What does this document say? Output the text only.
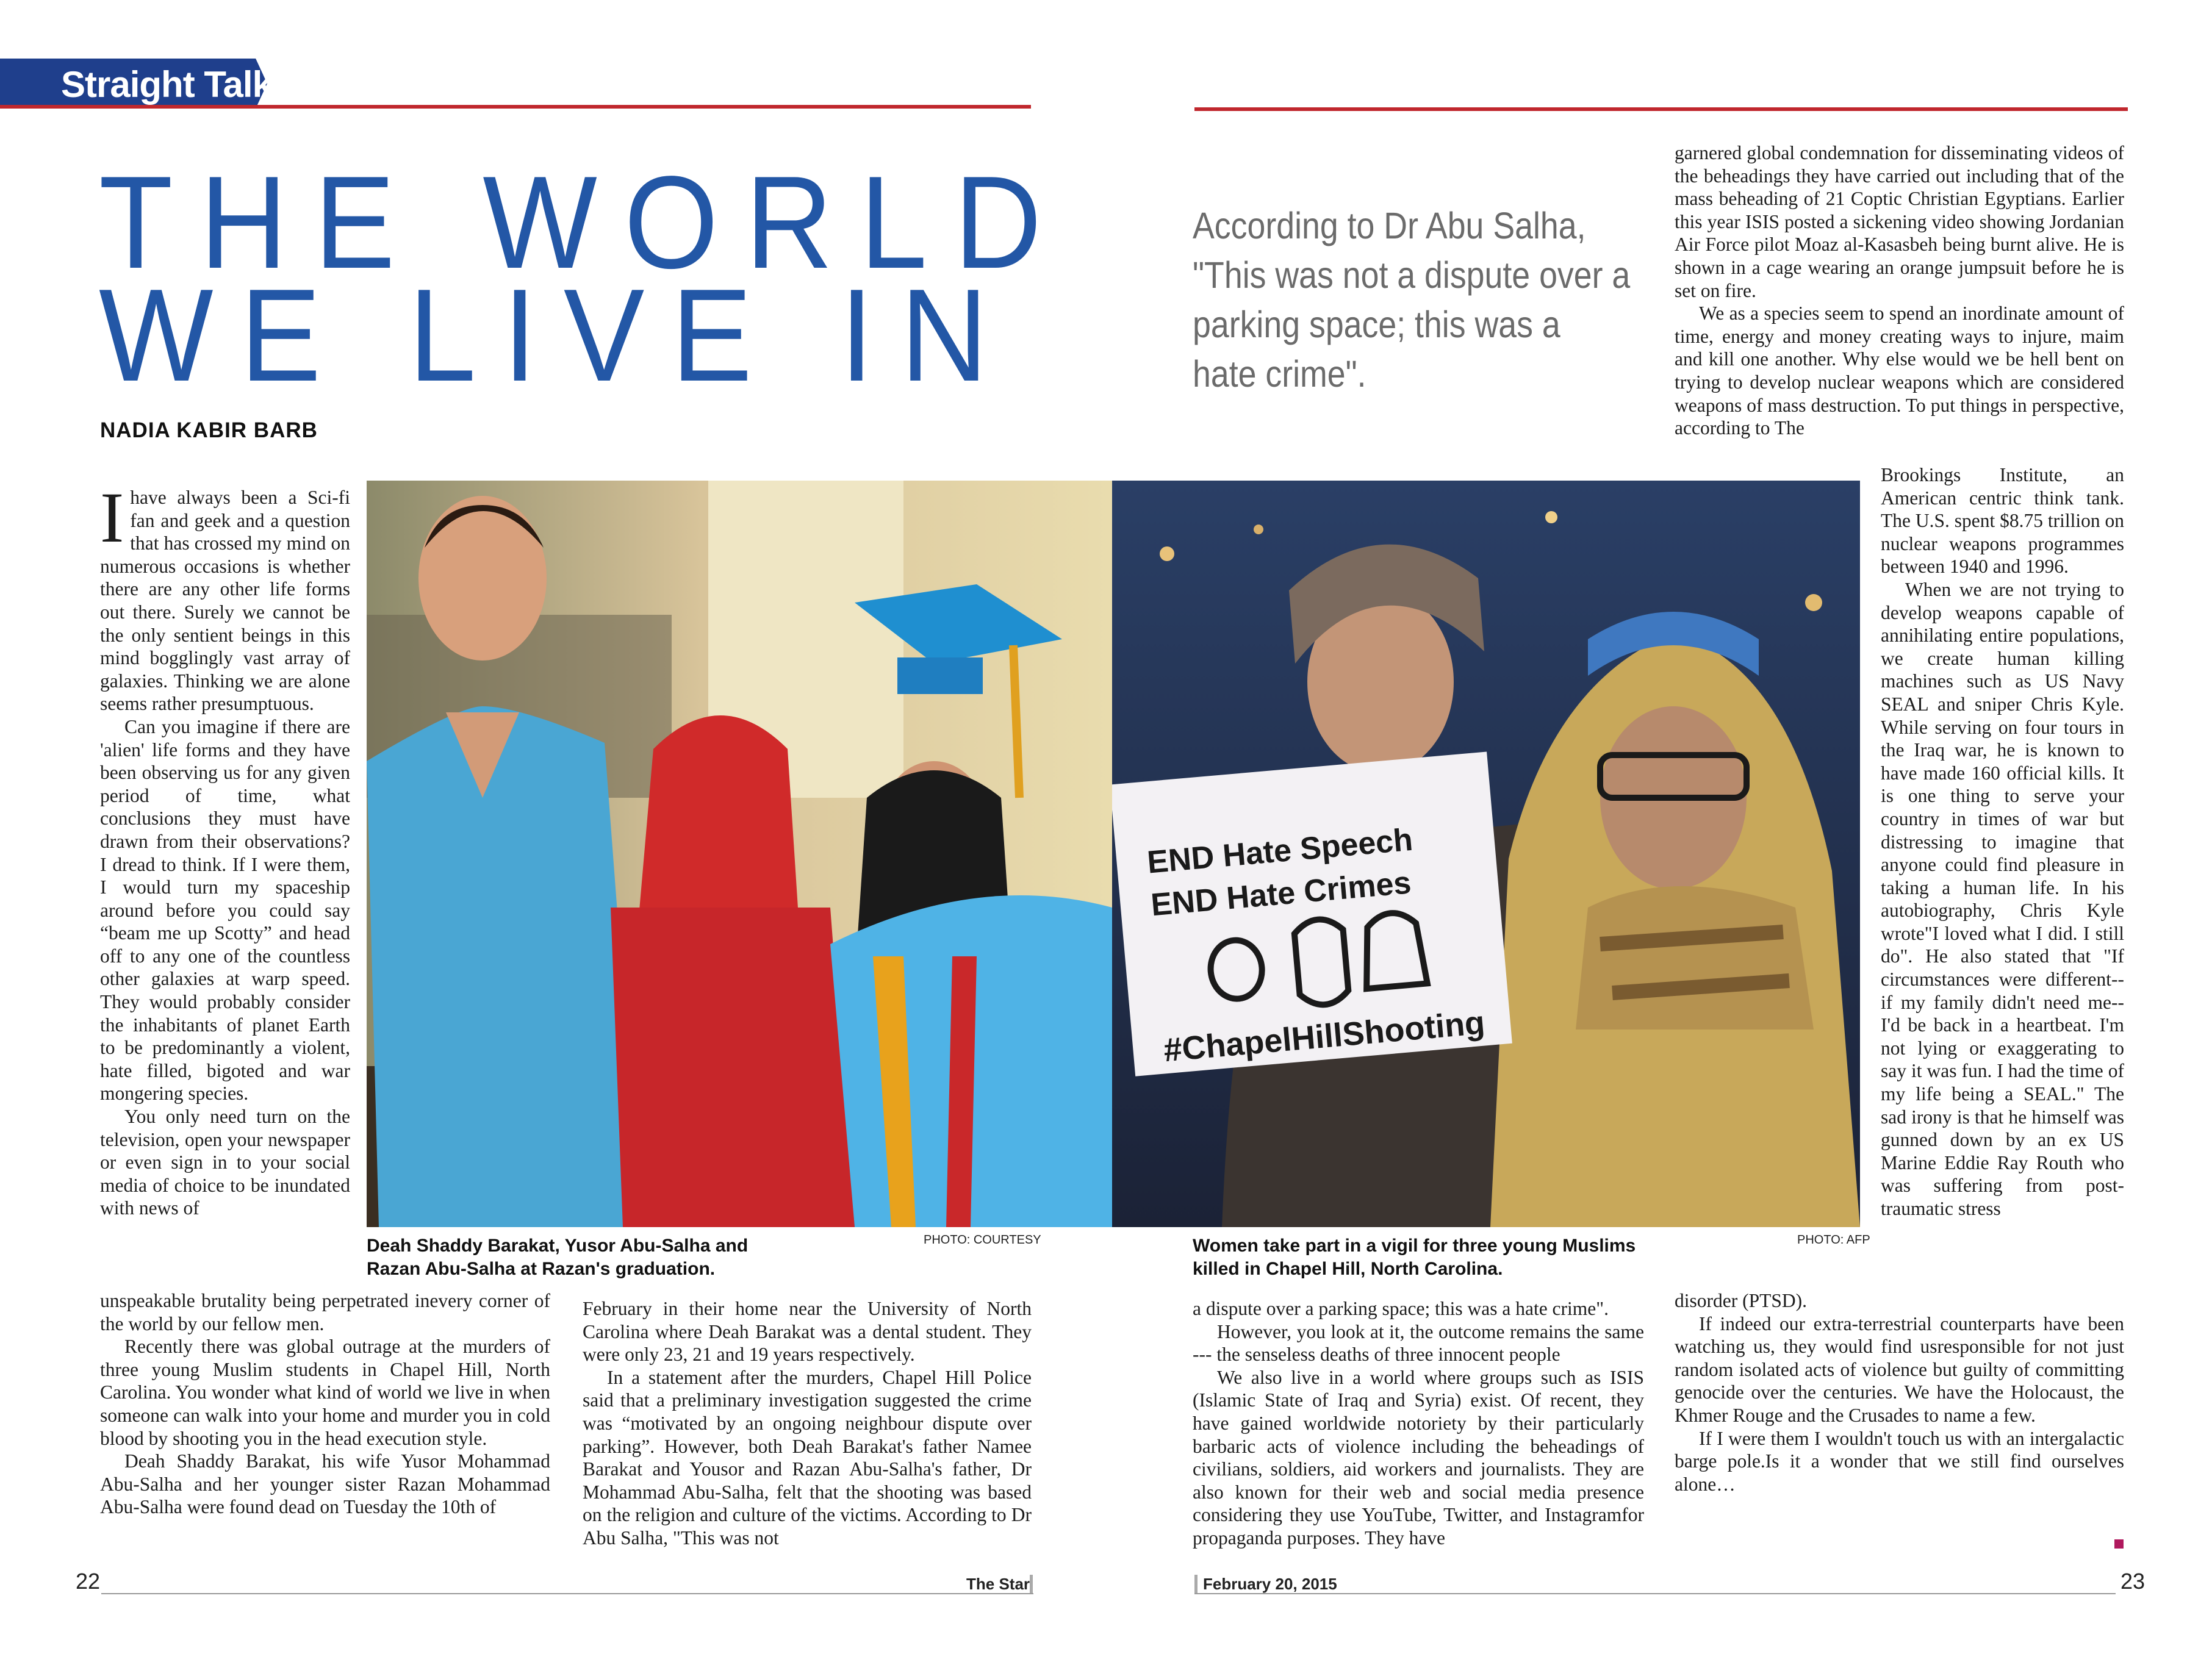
Straight Talk
THE WORLD
WE LIVE IN
NADIA KABIR BARB
According to Dr Abu Salha, "This was not a dispute over a parking space; this was a hate crime".
END Hate Speech
END Hate Crimes
#ChapelHillShooting
Deah Shaddy Barakat, Yusor Abu-Salha and Razan Abu-Salha at Razan's graduation.
PHOTO: COURTESY	Women take part in a vigil for three young Muslims killed in Chapel Hill, North Carolina.
PHOTO: AFP

Ihave always been a Sci-fi fan and geek and a question that has crossed my mind on numerous occasions is whether there are any other life forms out there. Surely we cannot be the only sentient beings in this mind bogglingly vast array of galaxies. Thinking we are alone seems rather presumptuous.

Can you imagine if there are 'alien' life forms and they have been observing us for any given period of time, what conclusions they must have drawn from their observations? I dread to think. If I were them, I would turn my spaceship around before you could say “beam me up Scotty” and head off to any one of the countless other galaxies at warp speed. They would probably consider the inhabitants of planet Earth to be predominantly a violent, hate filled, bigoted and war mongering species.

You only need turn on the television, open your newspaper or even sign in to your social media of choice to be inundated with news of

unspeakable brutality being perpetrated inevery corner of the world by our fellow men.

Recently there was global outrage at the murders of three young Muslim students in Chapel Hill, North Carolina. You wonder what kind of world we live in when someone can walk into your home and murder you in cold blood by shooting you in the head execution style.

Deah Shaddy Barakat, his wife Yusor Mohammad Abu-Salha and her younger sister Razan Mohammad Abu-Salha were found dead on Tuesday the 10th of

February in their home near the University of North Carolina where Deah Barakat was a dental student. They were only 23, 21 and 19 years respectively.

In a statement after the murders, Chapel Hill Police said that a preliminary investigation suggested the crime was “motivated by an ongoing neighbour dispute over parking”. However, both Deah Barakat's father Namee Barakat and Yousor and Razan Abu-Salha's father, Dr Mohammad Abu-Salha, felt that the shooting was based on the religion and culture of the victims. According to Dr Abu Salha, "This was not

a dispute over a parking space; this was a hate crime".

However, you look at it, the outcome remains the same --- the senseless deaths of three innocent people

We also live in a world where groups such as ISIS (Islamic State of Iraq and Syria) exist. Of recent, they have gained worldwide notoriety by their particularly barbaric acts of violence including the beheadings of civilians, soldiers, aid workers and journalists. They are also known for their web and social media presence considering they use YouTube, Twitter, and Instagramfor propaganda purposes. They have

garnered global condemnation for disseminating videos of the beheadings they have carried out including that of the mass beheading of 21 Coptic Christian Egyptians. Earlier this year ISIS posted a sickening video showing Jordanian Air Force pilot Moaz al-Kasasbeh being burnt alive. He is shown in a cage wearing an orange jumpsuit before he is set on fire.

We as a species seem to spend an inordinate amount of time, energy and money creating ways to injure, maim and kill one another. Why else would we be hell bent on trying to develop nuclear weapons which are considered weapons of mass destruction. To put things in perspective, according to The

Brookings Institute, an American centric think tank. The U.S. spent $8.75 trillion on nuclear weapons programmes between 1940 and 1996.

When we are not trying to develop weapons capable of annihilating entire populations, we create human killing machines such as US Navy SEAL and sniper Chris Kyle. While serving on four tours in the Iraq war, he is known to have made 160 official kills. It is one thing to serve your country in times of war but distressing to imagine that anyone could find pleasure in taking a human life. In his autobiography, Chris Kyle wrote"I loved what I did. I still do". He also stated that "If circumstances were different--if my family didn't need me--I'd be back in a heartbeat. I'm not lying or exaggerating to say it was fun. I had the time of my life being a SEAL." The sad irony is that he himself was gunned down by an ex US Marine Eddie Ray Routh who was suffering from post-traumatic stress

disorder (PTSD).

If indeed our extra-terrestrial counterparts have been watching us, they would find usresponsible for not just random isolated acts of violence but guilty of committing genocide over the centuries. We have the Holocaust, the Khmer Rouge and the Crusades to name a few.

If I were them I wouldn't touch us with an intergalactic barge pole.Is it a wonder that we still find ourselves alone…

22	23
The Star	February 20, 2015
